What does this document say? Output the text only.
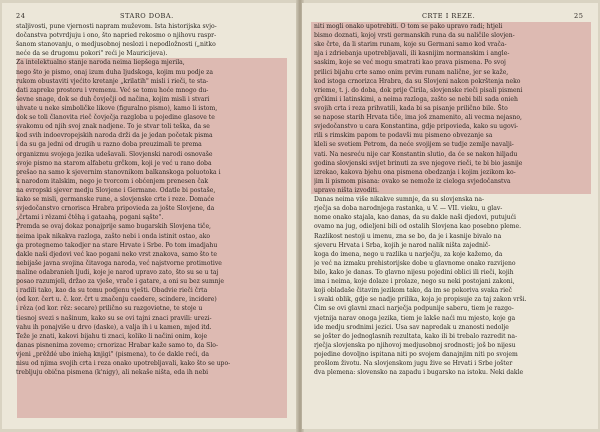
24	STARO DOBA.
staljivosti, pune vjernosti napram muževom. Ista historijska svjo-
dočanstva potvrdjuju i ono, što napried rekosmo o njihovu raspr-
šanom stanovanju, o medjusobnoj neslozi i nepodložnosti („nitko
neće da se drugomu pokori" reći je Mauricijeva).
Za intelektualno stanje naroda neima liepšega mjerila,
nego što je pismo, onaj izum duha ljudskoga, kojim mu podje za
rukom obustaviti vjećito kretanje „krilatih" misli i rieči, te sta-
dati zapreke prostoru i vremenu. Već se tomu hoće mnogo du-
ševne snage, dok se duh čovječji od načina, kojim misli i stvari
uhvate u neke simboličke likove (figuralno pismo), kamo li istom,
dok se toli članovita rieč čovječja razgloba u pojedine glasove te
svakomu od njih svoj znak nadjene. To je stvar toli teška, da se
kod svih indoevropejskih naroda drži da je jedan početak pisma
i da su ga jedni od drugih u razno doba preuzimali te prema
organizmu svojega jezika udešavali. Slovjenski narodi osnovaše
svoje pismo na starom alfabetu grčkom, koji je već u rano doba
prešao na samo k sjevernim stanovnikom balkanskoga poluotoka i
k narodom italskim, nego je tvorcom i obćenjem prenesen čak
na evropski sjever medju Slovjene i Germane. Odatle bi postaše,
kako se misli, germanske rune, a slovjenske crte i reze. Domaće
svjedočanstvo crnorisca Hrabra pripovieda za jošte Slovjene, da
„črtami i rězami čtěhą i gataahą, pogani sąšte".
Premda se ovaj dokaz ponajprije samo bugarskih Slovjena tiče,
neima ipak nikakva razloga, zašto nebi i onda istinit ostao, ako
ga protegnemo takodjer na stare Hrvate i Srbe. Po tom imadjahu
dakle naši djedovi već kao pogani neko vrst znakova, samo što te
nebijaše javna svojina čitavoga naroda, već najstvorne protimotive
maline odabranieh ljudi, koje je narod upravo zato, što su se u taj
posao razumjeli, držao za vješe, vrače i gatare, a oni su bez sumnje
i radili tako, kao da su tomu podjenu vješti. Obadvie rieči črta
(od kor. čert u. č. kor. črt u značenju caedere, scindere, incidere)
i rěza (od kor. rěz: secare) prilično su razgovietne, te stoje u
tiesnoj svezi s našinum, kako su se ovi tajni znaci pravili: urezi-
vahu ih ponajviše u drvo (daske), a valja ih i u kamen, mjed itd.
Teže je znati, kakovi bijahu ti znaci, koliko li načini onim, koje
danas pisnenima zovemo; crnorizac Hrabar kaže samo to, da Slo-
vjeni „prěždé ubo iniehą knjigi" (pismena), to će dakle reći, da
nisu od njima svojih crta i reza onako upotrebljavali, kako što se upo-
trebljuju običnа pismena (k'nigy), ali nekaše ništa, eda ih nebi
CRTE I REZE.	25
niti mogli onako upotrebiti. O tom se pako upravo radi; htjeli
bismo doznati, kojoj vrsti germanskih runa da su naličile slovjen-
ske črte, da li starim runam, koje su Germani samo kod vrača-
nja i zdriebanja upotrebljavali, ili kasnijim normanskim i angle-
saskim, koje se već mogu smatrati kao prava pismena. Po svoj
prilici bijahu crte samo onim prvim runam nalične, jer se kaže,
kod istoga crnorizca Hrabra, da su Slovjeni nakon pokrštenja neko
vrieme, t. j. do doba, dok prije Ćirila, slovjenske rieči pisali pismeni
grčkimi i latinskimi, a neima razloga, zašto se nebi bili sada onieh
svojih crta i reza prihvatili, kada bi sa pisanje prilično bile. Što
se napose starih Hrvata tiče, ima još znamenito, ali vecma nejasno,
svjedočanstvo u cara Konstantina, gdje pripovieda, kako su ugovi-
rili s rimskim papom te podavši mu pismeno obvezanje sa
kleli se svetiem Petrom, da neće svojijem se tudje zemlje navalji-
vati. Na nesreću nije car Konstantin slutio, da će se nakon hiljadu
godina slovjenski svijet brinuti za sve njegove rieči, te bi bio jasnije
izrekao, kakova bjehu ona pismena obedzanja i kojim jezikom ko-
jim li pismom pisana: ovako se nemože iz cieloga svjedočanstva
upravo ništa izvoditi.
Danas neima više nikakve sumnje, da su slovjenska na-
rječja sa doba narodnjega rastanka, u V. — VII. vieku, u glav-
nome onako stajala, kao danas, da su dakle naši djedovi, putujući
ovamo na jug, odieljeni bili od ostalih Slovjena kao posebno pleme.
Razlikost nestoji u imenu, zna se bo, da je i kasnije bivalo na
sjeveru Hrvata i Srba, kojih je narod nalik ništa zajednič-
koga do imena, nego u razlika u narječju, za koje kažemo, da
je već na izmaku prehistorijske dobe u glavnome onako razvijeno
bilo, kako je danas. To glavno nijesu pojedini oblici ili rieči, kojih
ima i neima, koje dolaze i prolaze, nego su neki postojani zakoni,
koji obladaše čitavim jezikom tako, da im se pokoriva svaka rieč
i svaki oblik, gdje se nadje prilika, koja je propisuje za taj zakon vrši.
Čim se ovi glavni znaci narječja podpunije saberu, tiem je razgo-
vjetnija narav onoga jezika, tiem je lakše naći mu mjesto, koje ga
ide medju srodnimi jezici. Usa sav napredak u znanosti nedolje
se jošter do jednoglasnih rezultata, kako ili bi trebalo razredit na-
rječja slovjenska po njihovoj medjusobnoj srodnosti; još bo nijesu
pojedine dovoljno ispitana niti po svojem danajnjim niti po svojem
prošlom životu. Na slovjenskom jugu žive se Hrvati i Srbe jošter
dva plemena: slovensko na zapadu i bugarsko na istoku. Neki dakle
